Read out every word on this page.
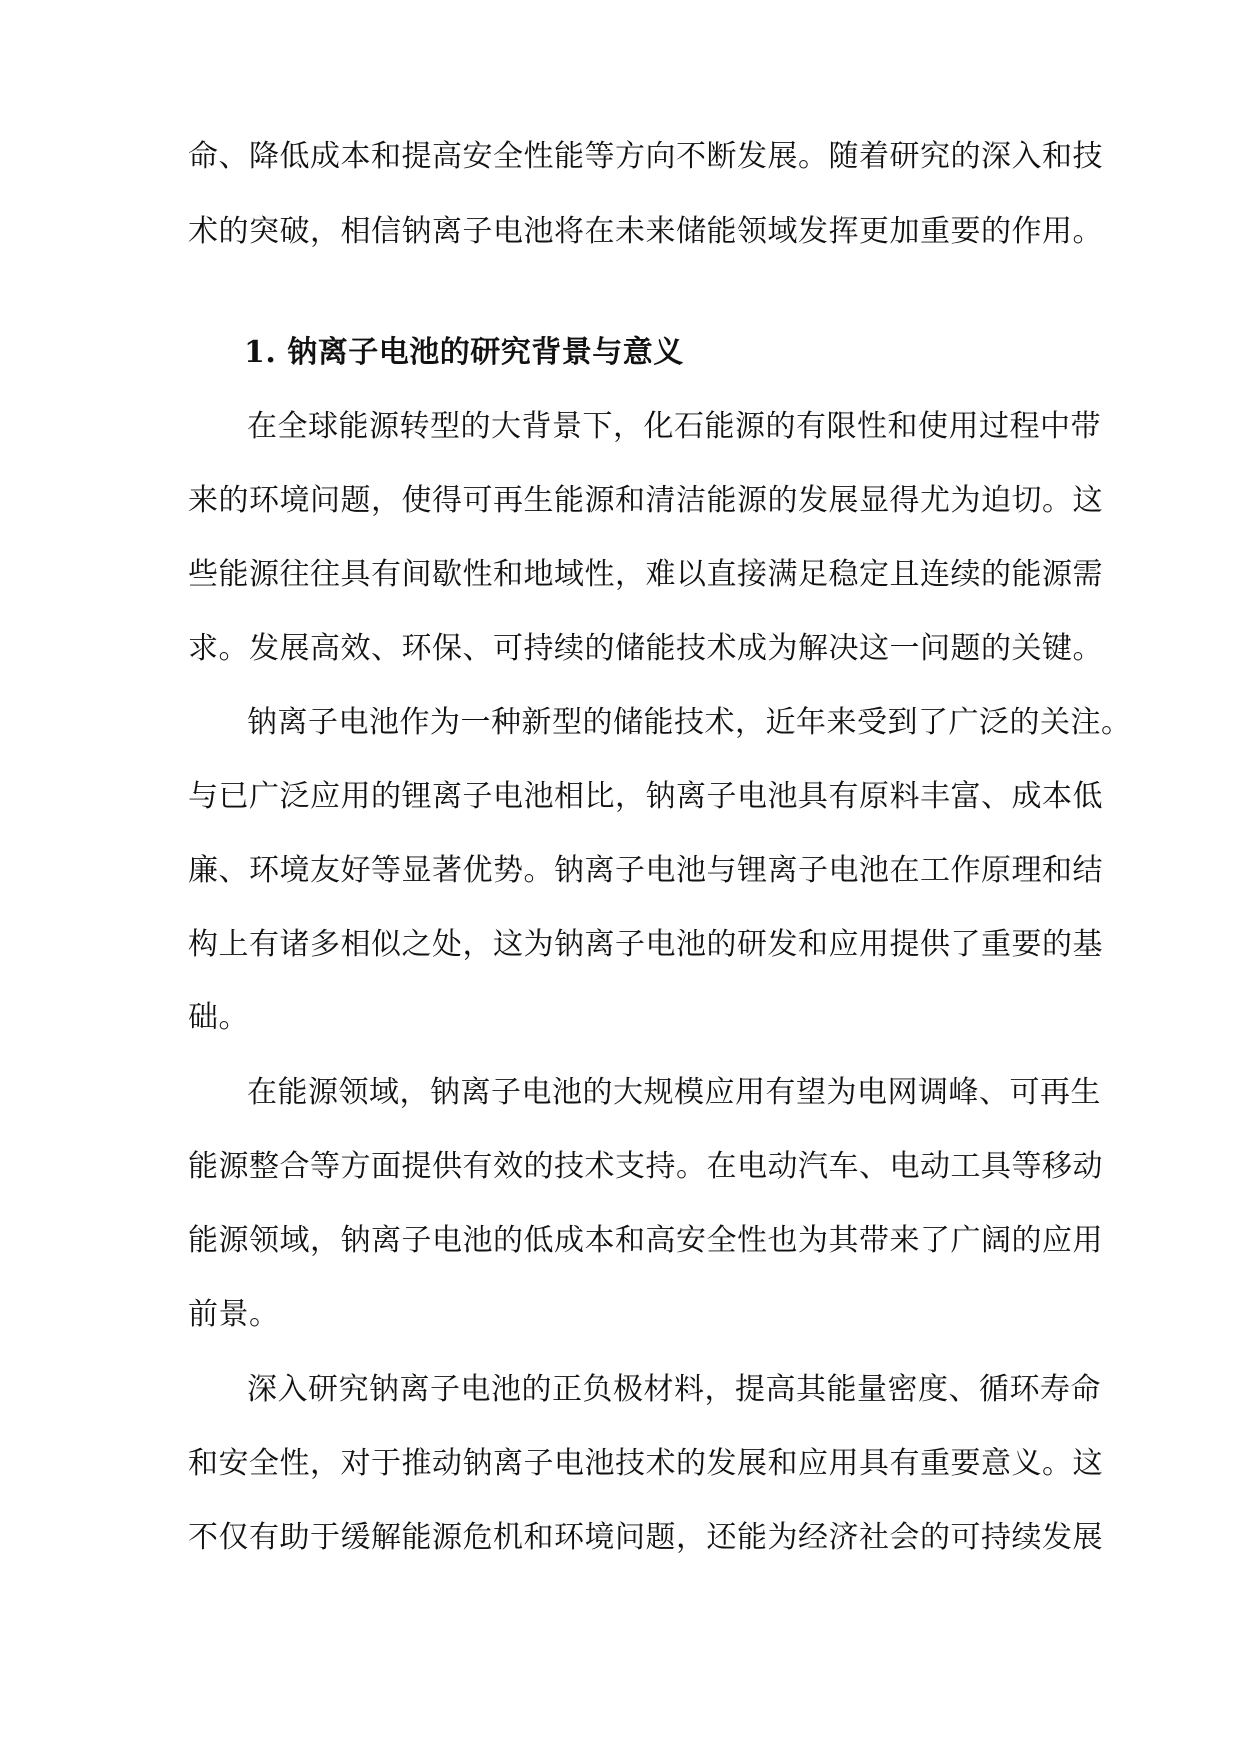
命、降低成本和提高安全性能等方向不断发展。随着研究的深入和技
术的突破，相信钠离子电池将在未来储能领域发挥更加重要的作用。
1. 钠离子电池的研究背景与意义
在全球能源转型的大背景下，化石能源的有限性和使用过程中带
来的环境问题，使得可再生能源和清洁能源的发展显得尤为迫切。这
些能源往往具有间歇性和地域性，难以直接满足稳定且连续的能源需
求。发展高效、环保、可持续的储能技术成为解决这一问题的关键。
钠离子电池作为一种新型的储能技术，近年来受到了广泛的关注。
与已广泛应用的锂离子电池相比，钠离子电池具有原料丰富、成本低
廉、环境友好等显著优势。钠离子电池与锂离子电池在工作原理和结
构上有诸多相似之处，这为钠离子电池的研发和应用提供了重要的基
础。
在能源领域，钠离子电池的大规模应用有望为电网调峰、可再生
能源整合等方面提供有效的技术支持。在电动汽车、电动工具等移动
能源领域，钠离子电池的低成本和高安全性也为其带来了广阔的应用
前景。
深入研究钠离子电池的正负极材料，提高其能量密度、循环寿命
和安全性，对于推动钠离子电池技术的发展和应用具有重要意义。这
不仅有助于缓解能源危机和环境问题，还能为经济社会的可持续发展
